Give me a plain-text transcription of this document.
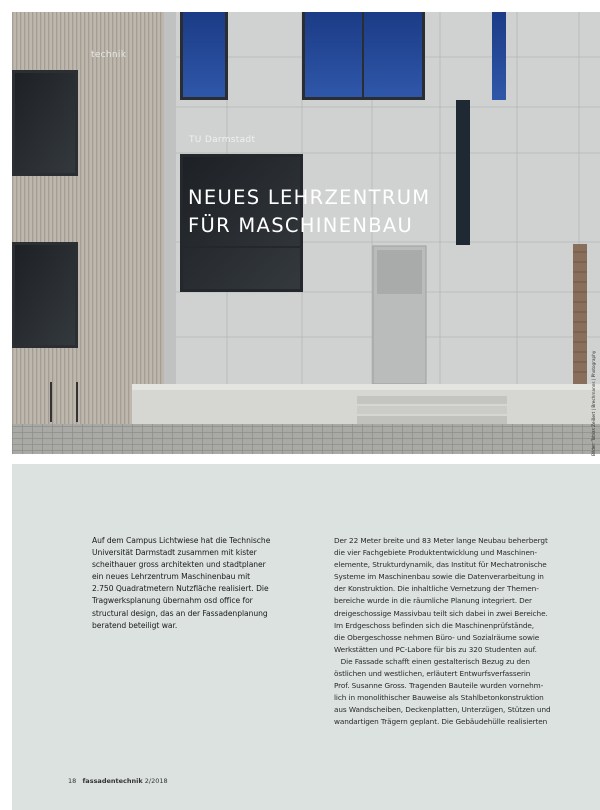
technik
TU Darmstadt
NEUES LEHRZENTRUM
FÜR MASCHINENBAU
Bilder: Tobias Zeißert | Brechmanns | Photography

Auf dem Campus Lichtwiese hat die Technische
Universität Darmstadt zusammen mit kister
scheithauer gross architekten und stadtplaner
ein neues Lehrzentrum Maschinenbau mit
2.750 Quadratmetern Nutzfläche realisiert. Die
Tragwerksplanung übernahm osd office for
structural design, das an der Fassadenplanung
beratend beteiligt war.

Der 22 Meter breite und 83 Meter lange Neubau beherbergt
die vier Fachgebiete Produktentwicklung und Maschinen-
elemente, Strukturdynamik, das Institut für Mechatronische
Systeme im Maschinenbau sowie die Datenverarbeitung in
der Konstruktion. Die inhaltliche Vernetzung der Themen-
bereiche wurde in die räumliche Planung integriert. Der
dreigeschossige Massivbau teilt sich dabei in zwei Bereiche.
Im Erdgeschoss befinden sich die Maschinenprüfstände,
die Obergeschosse nehmen Büro- und Sozialräume sowie
Werkstätten und PC-Labore für bis zu 320 Studenten auf.
Die Fassade schafft einen gestalterisch Bezug zu den
östlichen und westlichen, erläutert Entwurfsverfasserin
Prof. Susanne Gross. Tragenden Bauteile wurden vornehm-
lich in monolithischer Bauweise als Stahlbetonkonstruktion
aus Wandscheiben, Deckenplatten, Unterzügen, Stützen und
wandartigen Trägern geplant. Die Gebäudehülle realisierten

18 fassadentechnik 2/2018
